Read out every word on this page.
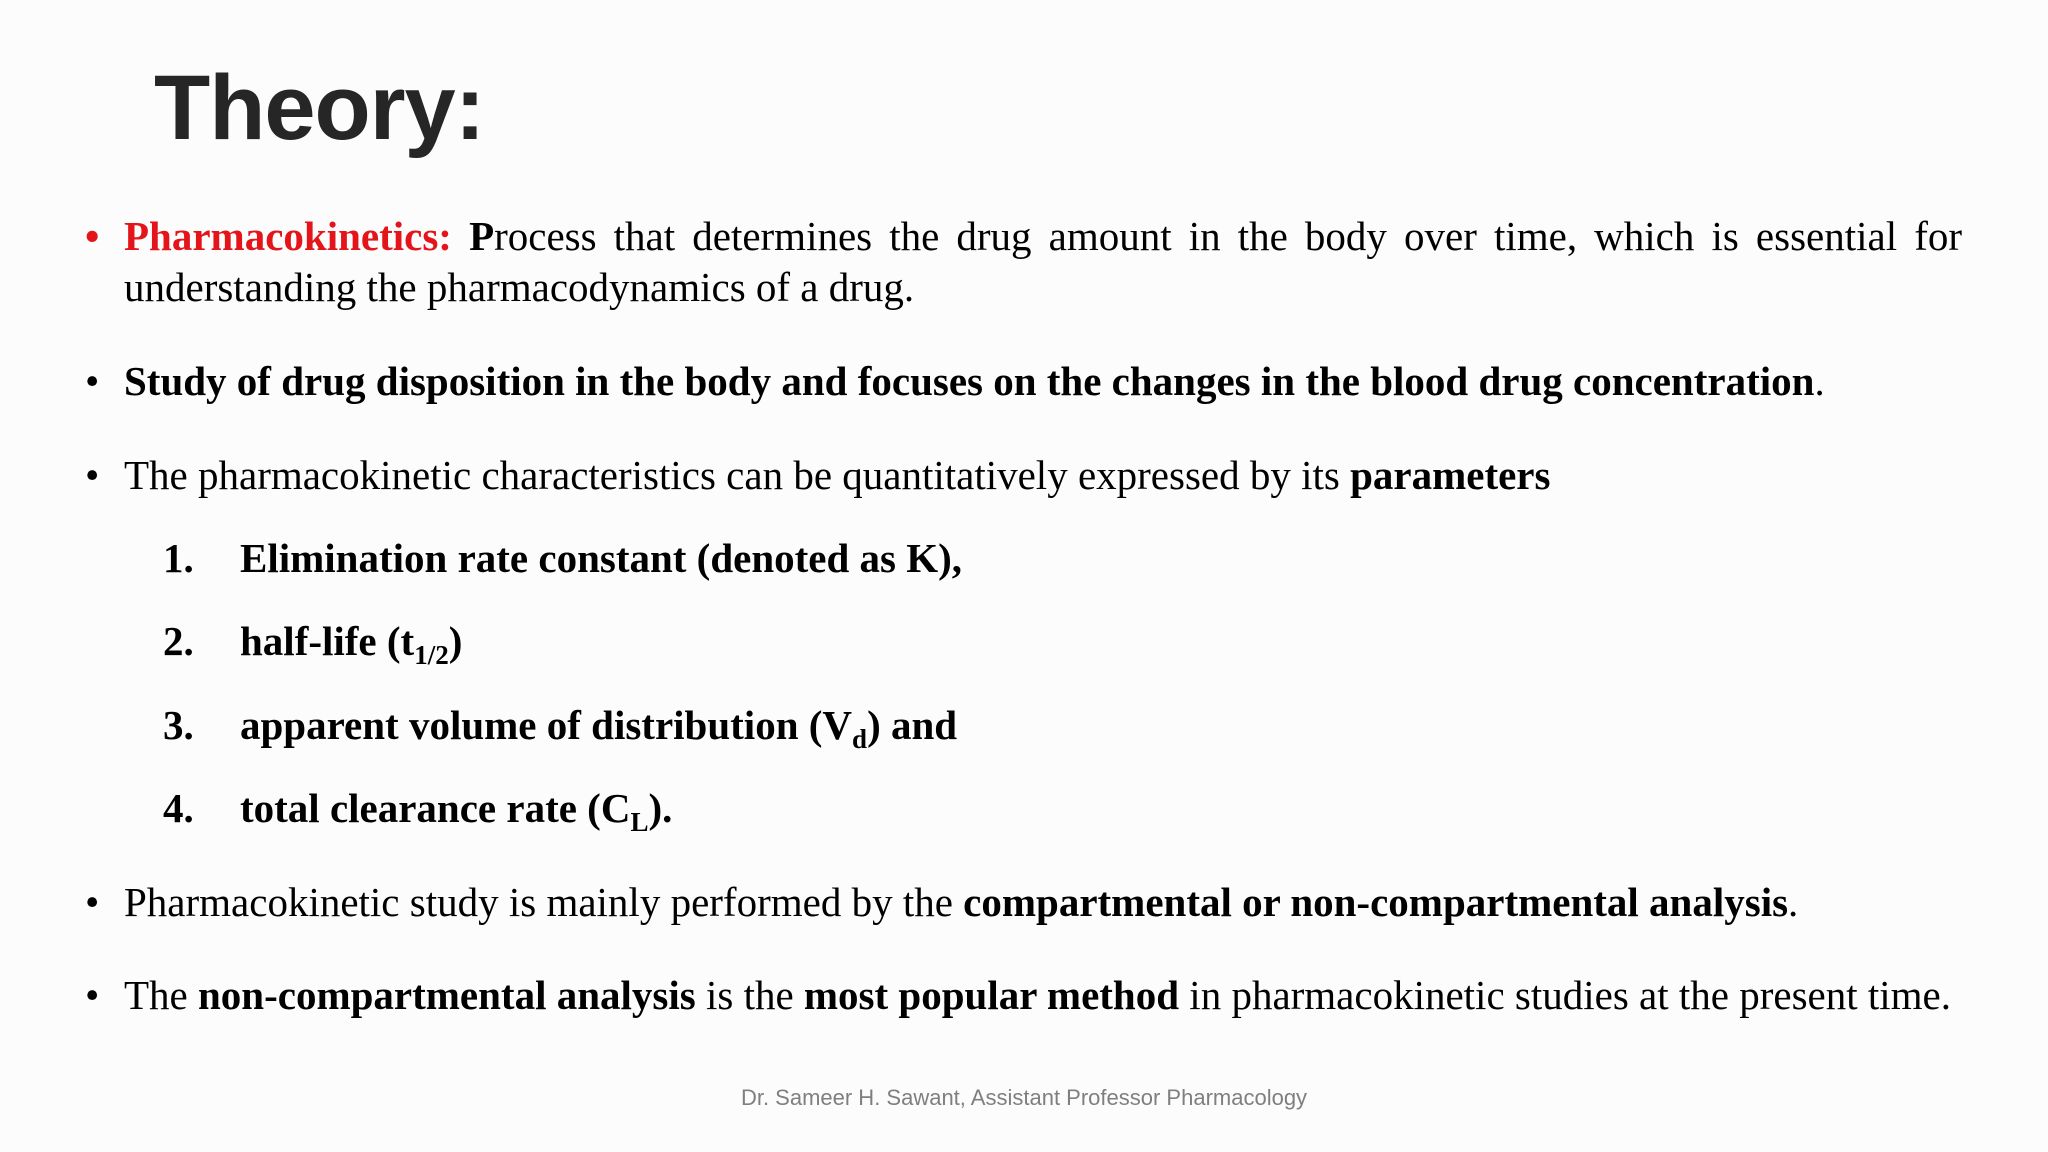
Theory:
• Pharmacokinetics: Process that determines the drug amount in the body over time, which is essential for understanding the pharmacodynamics of a drug.
• Study of drug disposition in the body and focuses on the changes in the blood drug concentration.
• The pharmacokinetic characteristics can be quantitatively expressed by its parameters
1. Elimination rate constant (denoted as K),
2. half-life $(t_{1/2})$
3. apparent volume of distribution $(V_d)$ and
4. total clearance rate $(C_L)$.
• Pharmacokinetic study is mainly performed by the compartmental or non-compartmental analysis.
• The non-compartmental analysis is the most popular method in pharmacokinetic studies at the present time.
Dr. Sameer H. Sawant, Assistant Professor Pharmacology
